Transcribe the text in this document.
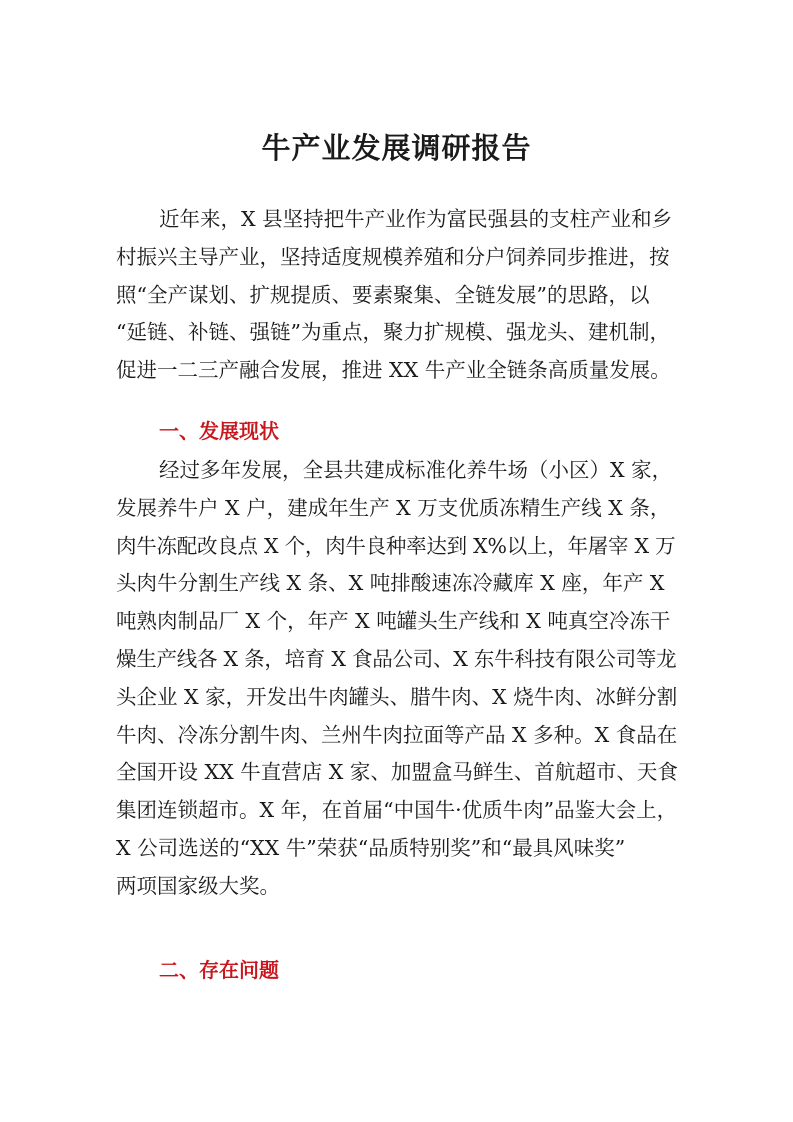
牛产业发展调研报告
近年来，X 县坚持把牛产业作为富民强县的支柱产业和乡
村振兴主导产业，坚持适度规模养殖和分户饲养同步推进，按
照“全产谋划、扩规提质、要素聚集、全链发展”的思路，以
“延链、补链、强链”为重点，聚力扩规模、强龙头、建机制，
促进一二三产融合发展，推进 XX 牛产业全链条高质量发展。
一、发展现状
经过多年发展，全县共建成标准化养牛场（小区）X 家，
发展养牛户 X 户，建成年生产 X 万支优质冻精生产线 X 条，
肉牛冻配改良点 X 个，肉牛良种率达到 X%以上，年屠宰 X 万
头肉牛分割生产线 X 条、X 吨排酸速冻冷藏库 X 座，年产 X
吨熟肉制品厂 X 个，年产 X 吨罐头生产线和 X 吨真空冷冻干
燥生产线各 X 条，培育 X 食品公司、X 东牛科技有限公司等龙
头企业 X 家，开发出牛肉罐头、腊牛肉、X 烧牛肉、冰鲜分割
牛肉、冷冻分割牛肉、兰州牛肉拉面等产品 X 多种。X 食品在
全国开设 XX 牛直营店 X 家、加盟盒马鲜生、首航超市、天食
集团连锁超市。X 年，在首届“中国牛·优质牛肉”品鉴大会上，
X 公司选送的“XX 牛”荣获“品质特别奖”和“最具风味奖”
两项国家级大奖。
二、存在问题
